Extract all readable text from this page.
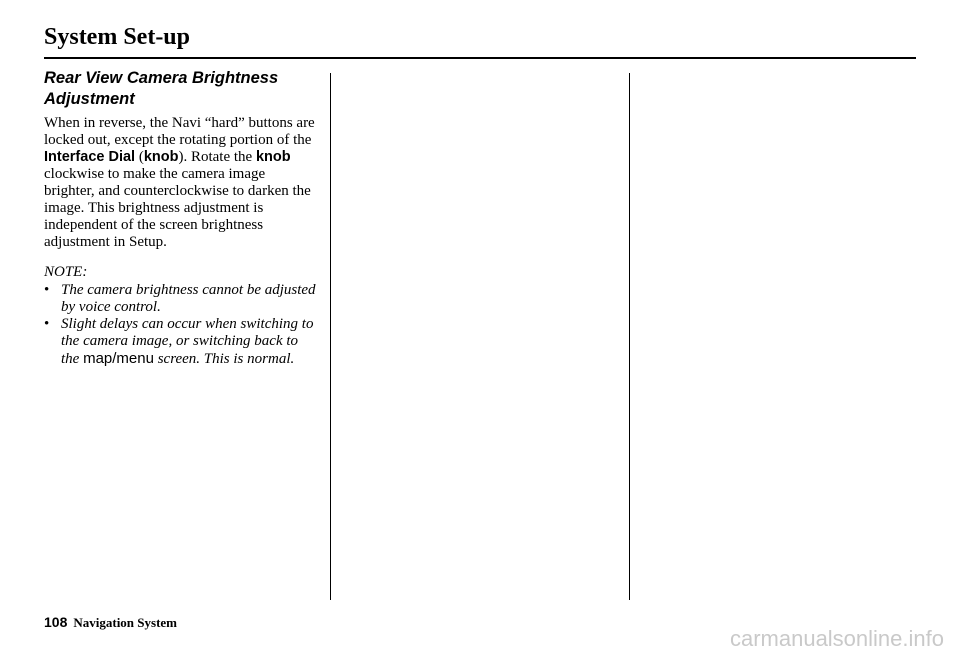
System Set-up
Rear View Camera Brightness Adjustment

When in reverse, the Navi “hard” buttons are locked out, except the rotating portion of the Interface Dial (knob). Rotate the knob clockwise to make the camera image brighter, and counterclockwise to darken the image. This brightness adjustment is independent of the screen brightness adjustment in Setup.

NOTE:
• The camera brightness cannot be adjusted by voice control.
• Slight delays can occur when switching to the camera image, or switching back to the map/menu screen. This is normal.
108 Navigation System
carmanualsonline.info
